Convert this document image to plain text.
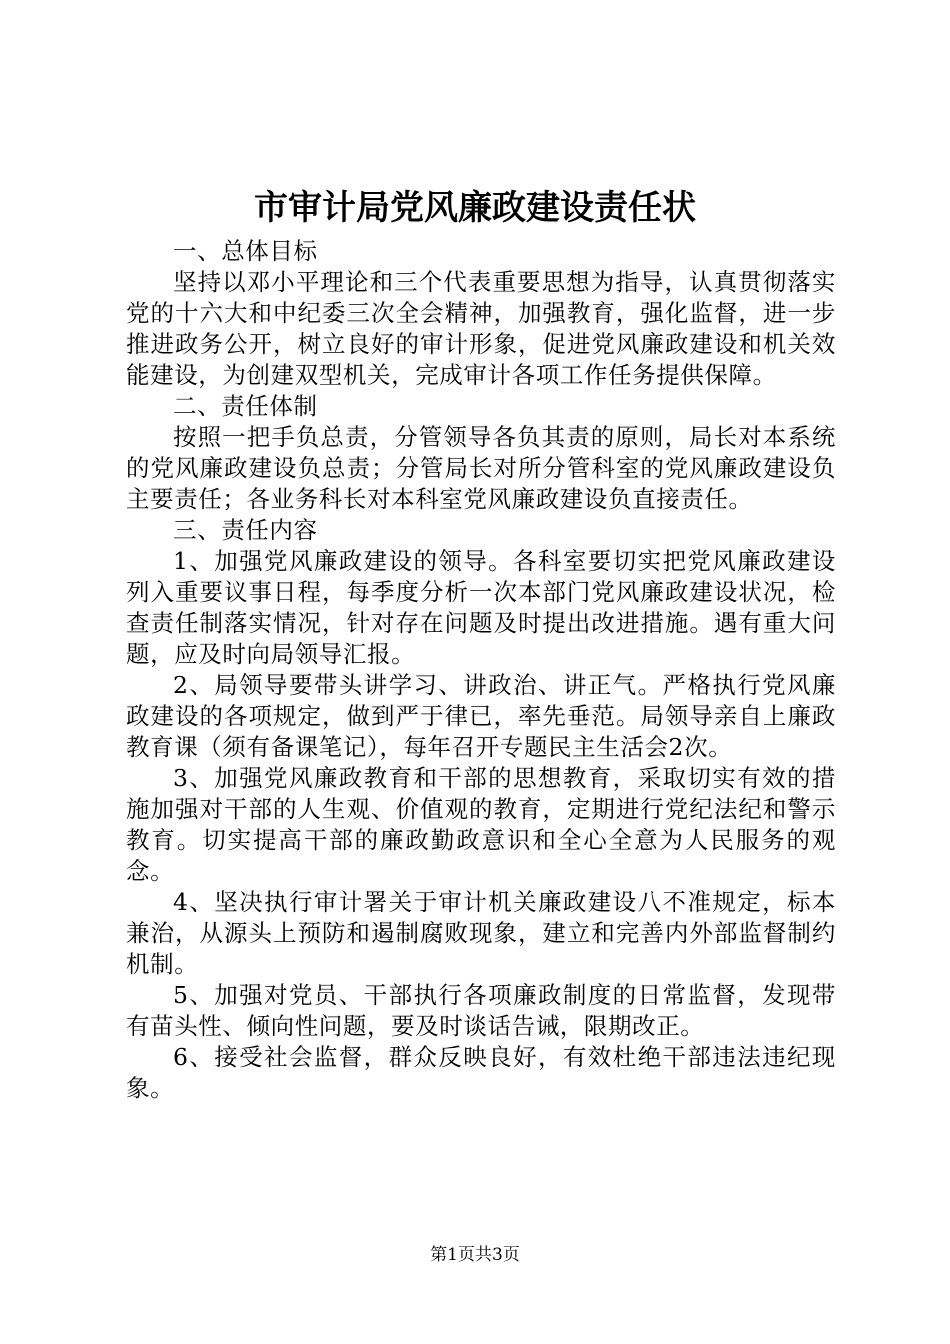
市审计局党风廉政建设责任状

一、总体目标

坚持以邓小平理论和三个代表重要思想为指导，认真贯彻落实党的十六大和中纪委三次全会精神，加强教育，强化监督，进一步推进政务公开，树立良好的审计形象，促进党风廉政建设和机关效能建设，为创建双型机关，完成审计各项工作任务提供保障。

二、责任体制

按照一把手负总责，分管领导各负其责的原则，局长对本系统的党风廉政建设负总责；分管局长对所分管科室的党风廉政建设负主要责任；各业务科长对本科室党风廉政建设负直接责任。

三、责任内容

1、加强党风廉政建设的领导。各科室要切实把党风廉政建设列入重要议事日程，每季度分析一次本部门党风廉政建设状况，检查责任制落实情况，针对存在问题及时提出改进措施。遇有重大问题，应及时向局领导汇报。

2、局领导要带头讲学习、讲政治、讲正气。严格执行党风廉政建设的各项规定，做到严于律已，率先垂范。局领导亲自上廉政教育课（须有备课笔记），每年召开专题民主生活会2次。

3、加强党风廉政教育和干部的思想教育，采取切实有效的措施加强对干部的人生观、价值观的教育，定期进行党纪法纪和警示教育。切实提高干部的廉政勤政意识和全心全意为人民服务的观念。

4、坚决执行审计署关于审计机关廉政建设八不准规定，标本兼治，从源头上预防和遏制腐败现象，建立和完善内外部监督制约机制。

5、加强对党员、干部执行各项廉政制度的日常监督，发现带有苗头性、倾向性问题，要及时谈话告诫，限期改正。

6、接受社会监督，群众反映良好，有效杜绝干部违法违纪现象。

第1页共3页
